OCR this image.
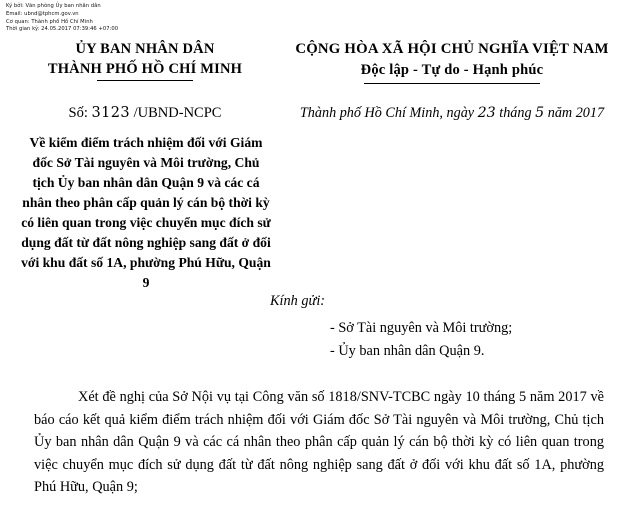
Ký bởi: Văn phòng Ủy ban nhân dân
Email: ubnd@tphcm.gov.vn
Cơ quan: Thành phố Hồ Chí Minh
Thời gian ký: 24.05.2017 07:39:46 +07:00
ỦY BAN NHÂN DÂN
THÀNH PHỐ HỒ CHÍ MINH
CỘNG HÒA XÃ HỘI CHỦ NGHĨA VIỆT NAM
Độc lập - Tự do - Hạnh phúc
Số: 3123 /UBND-NCPC	Thành phố Hồ Chí Minh, ngày 23 tháng 5 năm 2017
Về kiểm điểm trách nhiệm đối với Giám đốc Sở Tài nguyên và Môi trường, Chủ tịch Ủy ban nhân dân Quận 9 và các cá nhân theo phân cấp quản lý cán bộ thời kỳ có liên quan trong việc chuyển mục đích sử dụng đất từ đất nông nghiệp sang đất ở đối với khu đất số 1A, phường Phú Hữu, Quận 9
Kính gửi:
- Sở Tài nguyên và Môi trường;
- Ủy ban nhân dân Quận 9.

Xét đề nghị của Sở Nội vụ tại Công văn số 1818/SNV-TCBC ngày 10 tháng 5 năm 2017 về báo cáo kết quả kiểm điểm trách nhiệm đối với Giám đốc Sở Tài nguyên và Môi trường, Chủ tịch Ủy ban nhân dân Quận 9 và các cá nhân theo phân cấp quản lý cán bộ thời kỳ có liên quan trong việc chuyển mục đích sử dụng đất từ đất nông nghiệp sang đất ở đối với khu đất số 1A, phường Phú Hữu, Quận 9;
